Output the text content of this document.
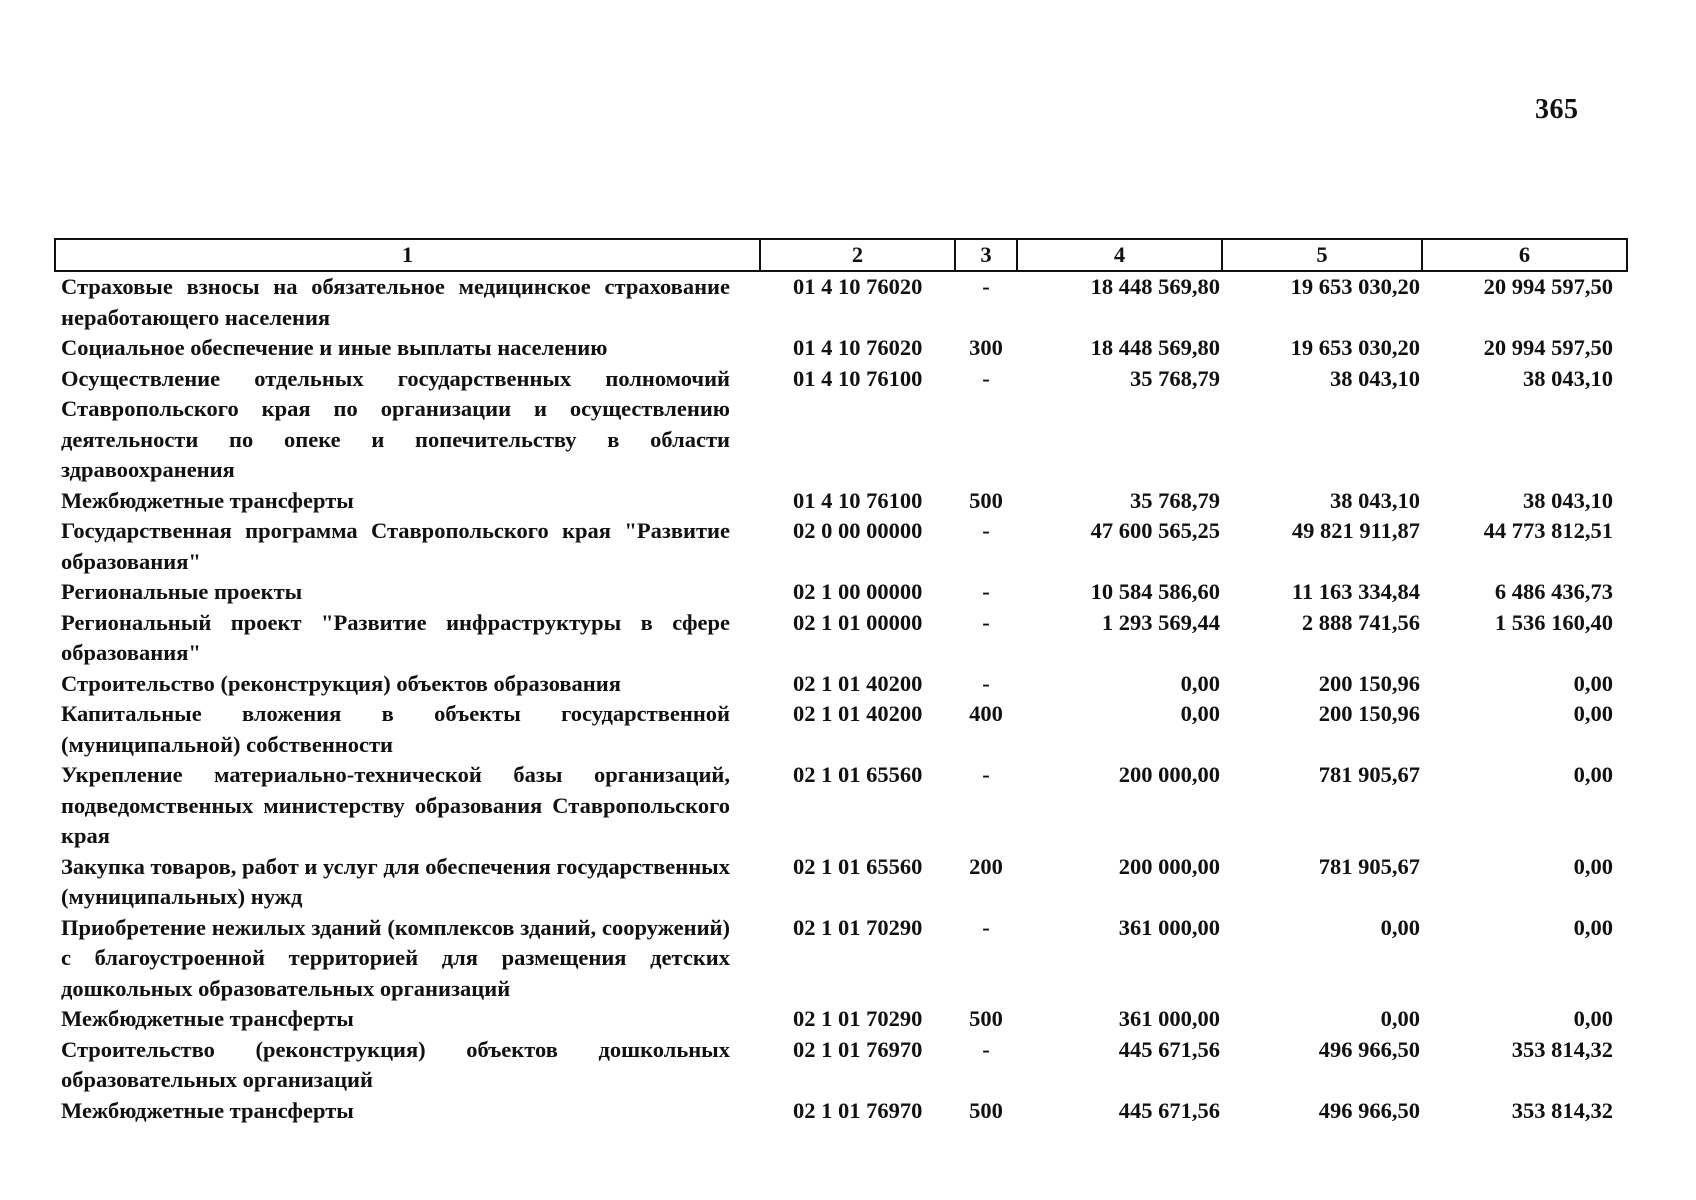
365
1	2	3	4	5	6
Страховые взносы на обязательное медицинское страхование неработающего населения	01 4 10 76020	-	18 448 569,80	19 653 030,20	20 994 597,50
Социальное обеспечение и иные выплаты населению	01 4 10 76020	300	18 448 569,80	19 653 030,20	20 994 597,50
Осуществление отдельных государственных полномочий Ставропольского края по организации и осуществлению деятельности по опеке и попечительству в области здравоохранения	01 4 10 76100	-	35 768,79	38 043,10	38 043,10
Межбюджетные трансферты	01 4 10 76100	500	35 768,79	38 043,10	38 043,10
Государственная программа Ставропольского края "Развитие образования"	02 0 00 00000	-	47 600 565,25	49 821 911,87	44 773 812,51
Региональные проекты	02 1 00 00000	-	10 584 586,60	11 163 334,84	6 486 436,73
Региональный проект "Развитие инфраструктуры в сфере образования"	02 1 01 00000	-	1 293 569,44	2 888 741,56	1 536 160,40
Строительство (реконструкция) объектов образования	02 1 01 40200	-	0,00	200 150,96	0,00
Капитальные вложения в объекты государственной (муниципальной) собственности	02 1 01 40200	400	0,00	200 150,96	0,00
Укрепление материально-технической базы организаций, подведомственных министерству образования Ставропольского края	02 1 01 65560	-	200 000,00	781 905,67	0,00
Закупка товаров, работ и услуг для обеспечения государственных (муниципальных) нужд	02 1 01 65560	200	200 000,00	781 905,67	0,00
Приобретение нежилых зданий (комплексов зданий, сооружений) с благоустроенной территорией для размещения детских дошкольных образовательных организаций	02 1 01 70290	-	361 000,00	0,00	0,00
Межбюджетные трансферты	02 1 01 70290	500	361 000,00	0,00	0,00
Строительство (реконструкция) объектов дошкольных образовательных организаций	02 1 01 76970	-	445 671,56	496 966,50	353 814,32
Межбюджетные трансферты	02 1 01 76970	500	445 671,56	496 966,50	353 814,32
